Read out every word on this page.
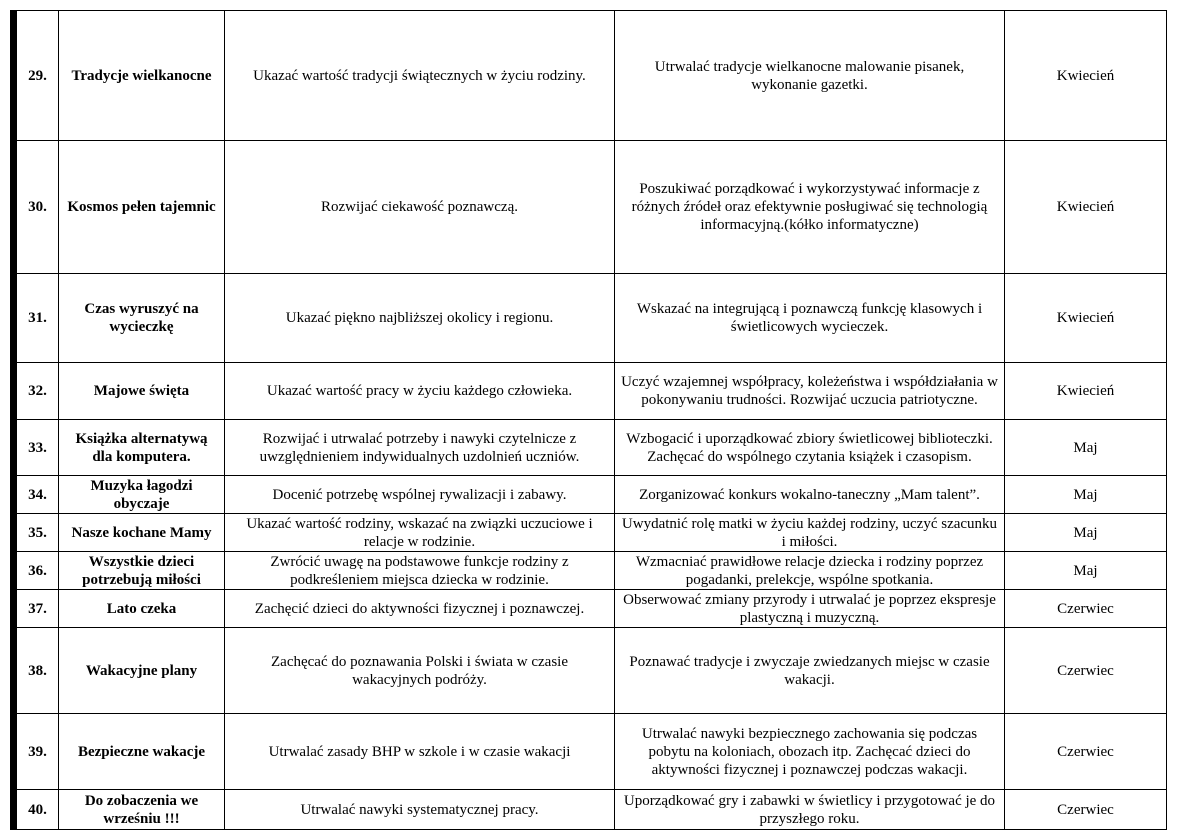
29.	Tradycje wielkanocne	Ukazać wartość tradycji świątecznych w życiu rodziny.	Utrwalać tradycje wielkanocne malowanie pisanek, wykonanie gazetki.	Kwiecień
30.	Kosmos pełen tajemnic	Rozwijać ciekawość poznawczą.	Poszukiwać porządkować i wykorzystywać informacje z różnych źródeł oraz efektywnie posługiwać się technologią informacyjną.(kółko informatyczne)	Kwiecień
31.	Czas wyruszyć na wycieczkę	Ukazać piękno najbliższej okolicy i regionu.	Wskazać na integrującą i poznawczą funkcję klasowych i świetlicowych wycieczek.	Kwiecień
32.	Majowe święta	Ukazać wartość pracy w życiu każdego człowieka.	Uczyć wzajemnej współpracy, koleżeństwa i współdziałania w pokonywaniu trudności. Rozwijać uczucia patriotyczne.	Kwiecień
33.	Książka alternatywą dla komputera.	Rozwijać i utrwalać potrzeby i nawyki czytelnicze z uwzględnieniem indywidualnych uzdolnień uczniów.	Wzbogacić i uporządkować zbiory świetlicowej biblioteczki. Zachęcać do wspólnego czytania książek i czasopism.	Maj
34.	Muzyka łagodzi obyczaje	Docenić potrzebę wspólnej rywalizacji i zabawy.	Zorganizować konkurs wokalno-taneczny „Mam talent”.	Maj
35.	Nasze kochane Mamy	Ukazać wartość rodziny, wskazać na związki uczuciowe i relacje w rodzinie.	Uwydatnić rolę matki w życiu każdej rodziny, uczyć szacunku i miłości.	Maj
36.	Wszystkie dzieci potrzebują miłości	Zwrócić uwagę na podstawowe funkcje rodziny z podkreśleniem miejsca dziecka w rodzinie.	Wzmacniać prawidłowe relacje dziecka i rodziny poprzez pogadanki, prelekcje, wspólne spotkania.	Maj
37.	Lato czeka	Zachęcić dzieci do aktywności fizycznej i poznawczej.	Obserwować zmiany przyrody i utrwalać je poprzez ekspresje plastyczną i muzyczną.	Czerwiec
38.	Wakacyjne plany	Zachęcać do poznawania Polski i świata w czasie wakacyjnych podróży.	Poznawać tradycje i zwyczaje zwiedzanych miejsc w czasie wakacji.	Czerwiec
39.	Bezpieczne wakacje	Utrwalać zasady BHP w szkole i w czasie wakacji	Utrwalać nawyki bezpiecznego zachowania się podczas pobytu na koloniach, obozach itp. Zachęcać dzieci do aktywności fizycznej i poznawczej podczas wakacji.	Czerwiec
40.	Do zobaczenia we wrześniu !!!	Utrwalać nawyki systematycznej pracy.	Uporządkować gry i zabawki w świetlicy i przygotować je do przyszłego roku.	Czerwiec
